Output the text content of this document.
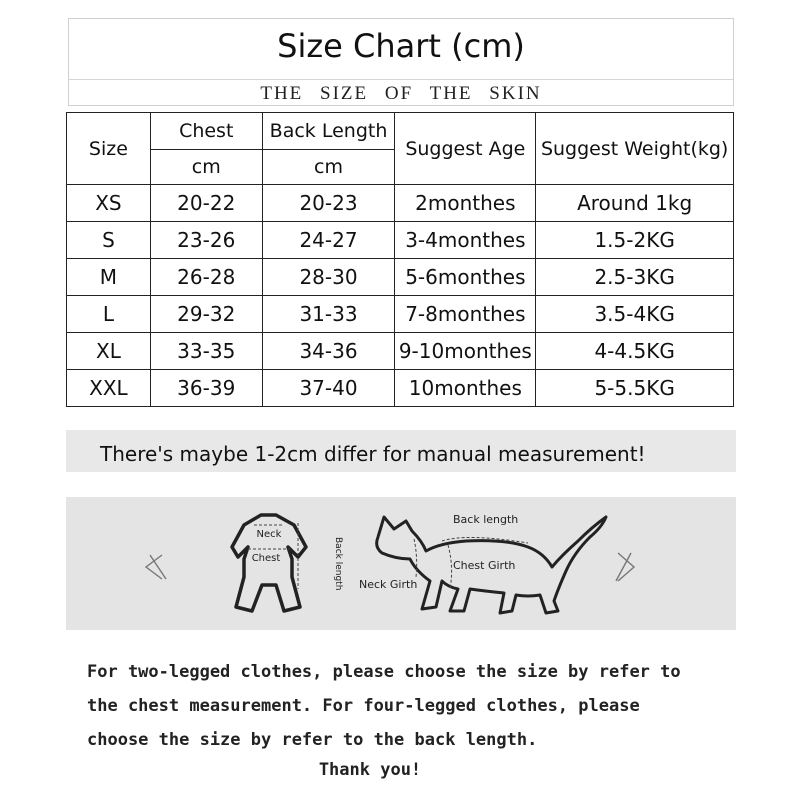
Size Chart (cm)
THE SIZE OF THE SKIN
Size	Chest	Back Length	Suggest Age	Suggest Weight(kg)
	cm	cm		
XS	20-22	20-23	2monthes	Around 1kg
S	23-26	24-27	3-4monthes	1.5-2KG
M	26-28	28-30	5-6monthes	2.5-3KG
L	29-32	31-33	7-8monthes	3.5-4KG
XL	33-35	34-36	9-10monthes	4-4.5KG
XXL	36-39	37-40	10monthes	5-5.5KG
There's maybe 1-2cm differ for manual measurement!
Neck
Chest	Back length
Back length
Chest Girth
Neck Girth
For two-legged clothes, please choose the size by refer to
the chest measurement. For four-legged clothes, please
choose the size by refer to the back length.
Thank you!
